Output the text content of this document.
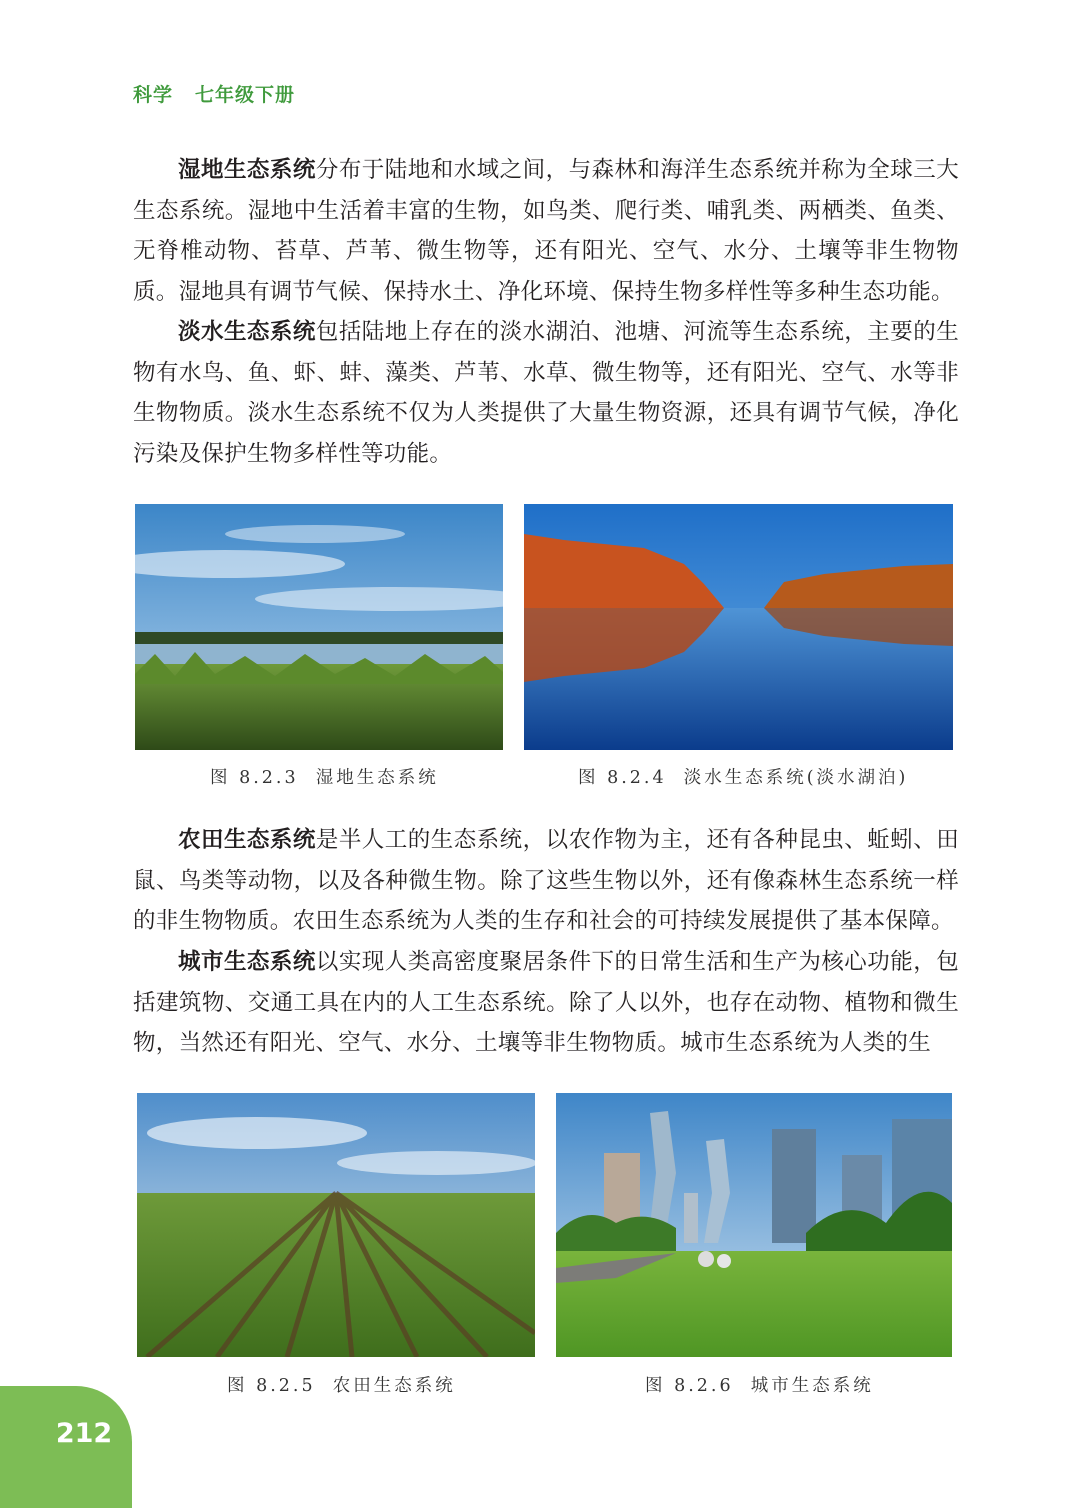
科学 七年级下册

湿地生态系统分布于陆地和水域之间，与森林和海洋生态系统并称为全球三大生态系统。湿地中生活着丰富的生物，如鸟类、爬行类、哺乳类、两栖类、鱼类、无脊椎动物、苔草、芦苇、微生物等，还有阳光、空气、水分、土壤等非生物物质。湿地具有调节气候、保持水土、净化环境、保持生物多样性等多种生态功能。

淡水生态系统包括陆地上存在的淡水湖泊、池塘、河流等生态系统，主要的生物有水鸟、鱼、虾、蚌、藻类、芦苇、水草、微生物等，还有阳光、空气、水等非生物物质。淡水生态系统不仅为人类提供了大量生物资源，还具有调节气候，净化污染及保护生物多样性等功能。

图 8.2.3 湿地生态系统	图 8.2.4 淡水生态系统(淡水湖泊)

农田生态系统是半人工的生态系统，以农作物为主，还有各种昆虫、蚯蚓、田鼠、鸟类等动物，以及各种微生物。除了这些生物以外，还有像森林生态系统一样的非生物物质。农田生态系统为人类的生存和社会的可持续发展提供了基本保障。

城市生态系统以实现人类高密度聚居条件下的日常生活和生产为核心功能，包括建筑物、交通工具在内的人工生态系统。除了人以外，也存在动物、植物和微生物，当然还有阳光、空气、水分、土壤等非生物物质。城市生态系统为人类的生

图 8.2.5 农田生态系统	图 8.2.6 城市生态系统
212
